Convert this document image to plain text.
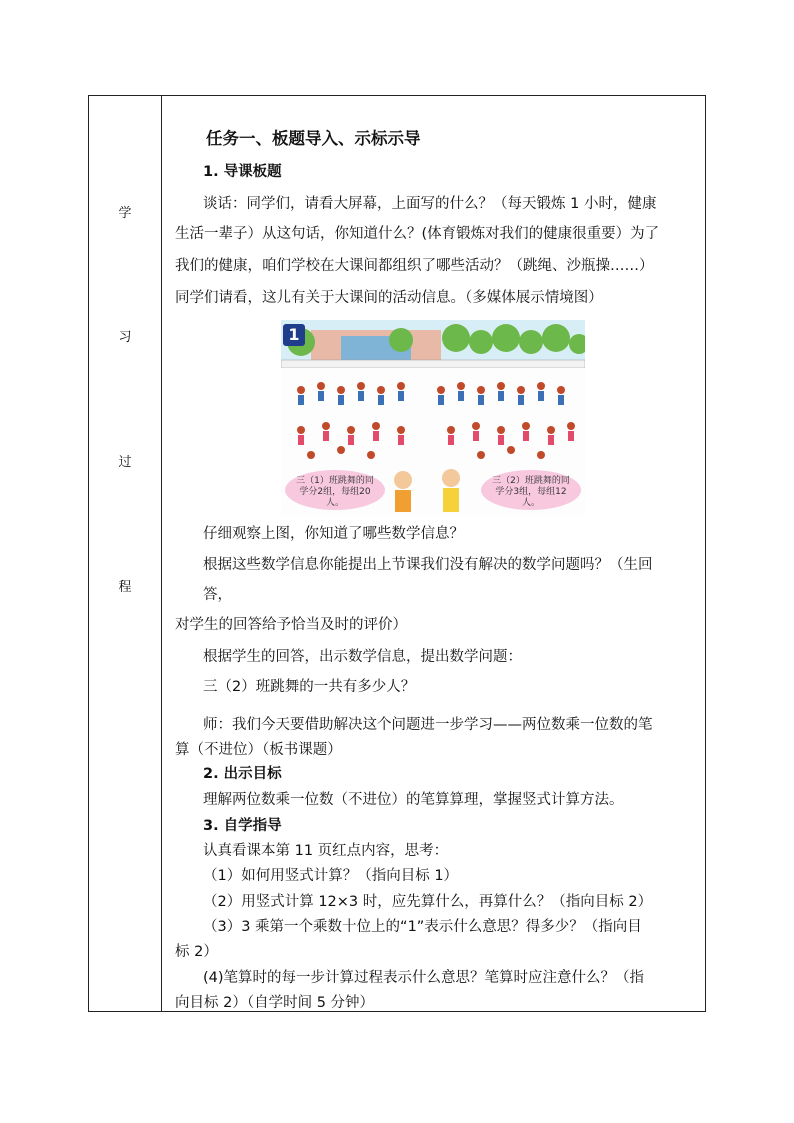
学
习
过
程
任务一、板题导入、示标示导
1. 导课板题
谈话：同学们，请看大屏幕，上面写的什么？（每天锻炼 1 小时，健康
生活一辈子）从这句话，你知道什么？(体育锻炼对我们的健康很重要）为了
我们的健康，咱们学校在大课间都组织了哪些活动？（跳绳、沙瓶操……）
同学们请看，这儿有关于大课间的活动信息。（多媒体展示情境图）
1
三（1）班跳舞的同学分2组，每组20人。
三（2）班跳舞的同学分3组，每组12人。
仔细观察上图，你知道了哪些数学信息？
根据这些数学信息你能提出上节课我们没有解决的数学问题吗？（生回
答，
对学生的回答给予恰当及时的评价）
根据学生的回答，出示数学信息，提出数学问题：
三（2）班跳舞的一共有多少人？
师：我们今天要借助解决这个问题进一步学习——两位数乘一位数的笔
算（不进位）（板书课题）
2. 出示目标
理解两位数乘一位数（不进位）的笔算算理，掌握竖式计算方法。
3. 自学指导
认真看课本第 11 页红点内容，思考：
（1）如何用竖式计算？（指向目标 1）
（2）用竖式计算 12×3 时，应先算什么，再算什么？（指向目标 2）
（3）3 乘第一个乘数十位上的“1”表示什么意思？得多少？（指向目
标 2）
(4)笔算时的每一步计算过程表示什么意思？笔算时应注意什么？（指
向目标 2）（自学时间 5 分钟）
